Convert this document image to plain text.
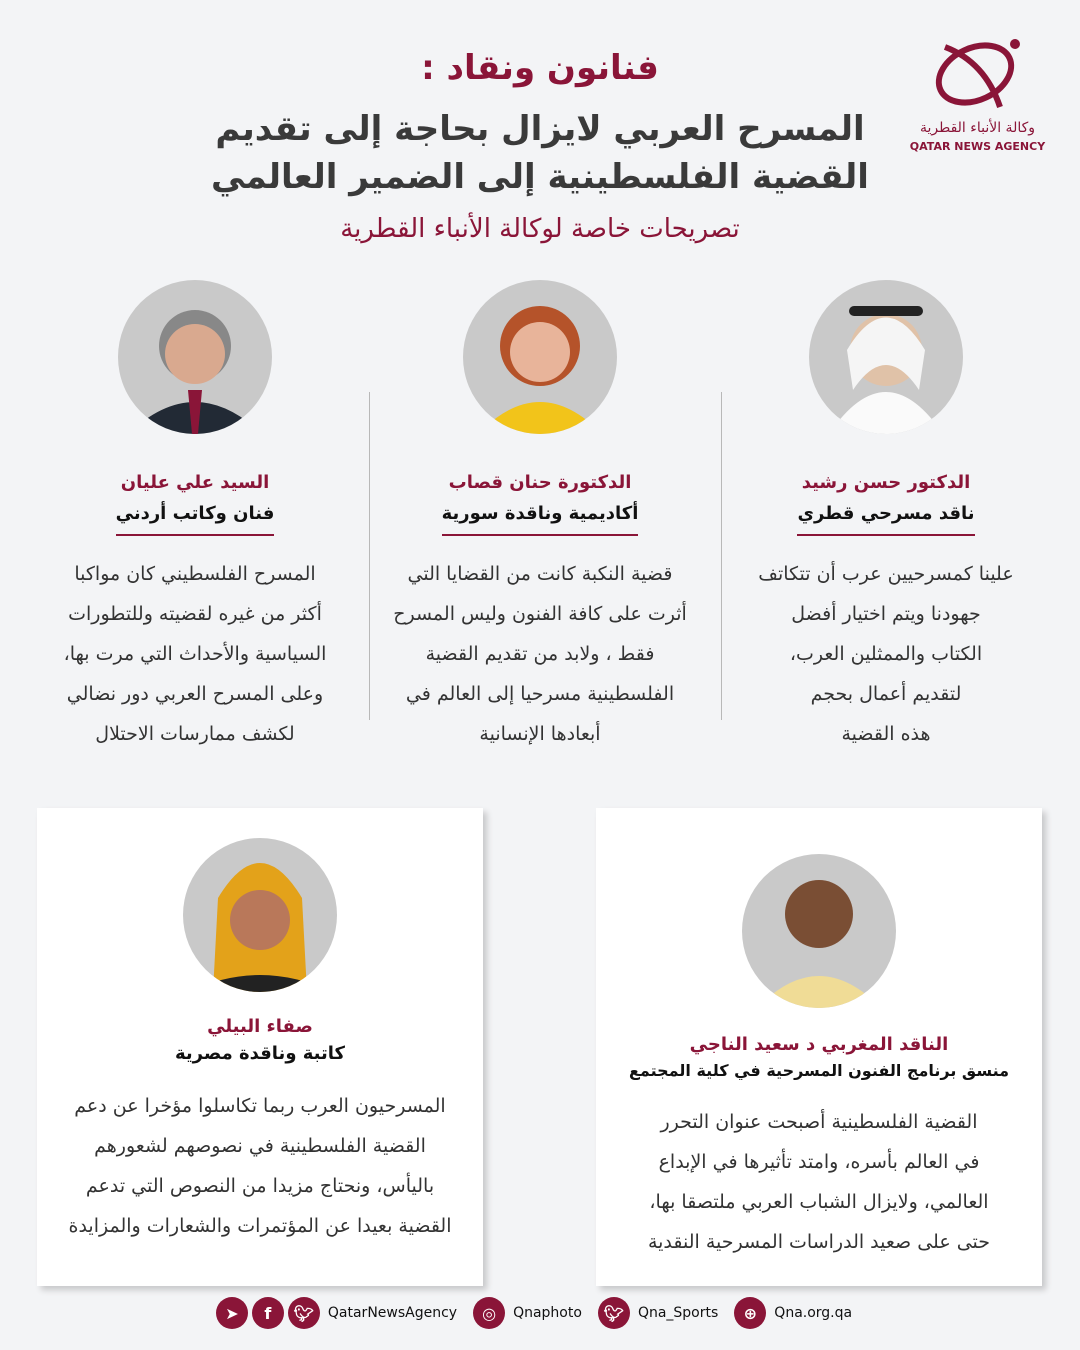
فنانون ونقاد :
المسرح العربي لايزال بحاجة إلى تقديم
القضية الفلسطينية إلى الضمير العالمي
تصريحات خاصة لوكالة الأنباء القطرية
وكالة الأنباء القطرية
QATAR NEWS AGENCY
الدكتور حسن رشيد
ناقد مسرحي قطري
علينا كمسرحيين عرب أن تتكاتف
جهودنا ويتم اختيار أفضل
الكتاب والممثلين العرب،
لتقديم أعمال بحجم
هذه القضية
الدكتورة حنان قصاب
أكاديمية وناقدة سورية
قضية النكبة كانت من القضايا التي
أثرت على كافة الفنون وليس المسرح
فقط ، ولابد من تقديم القضية
الفلسطينية مسرحيا إلى العالم في
أبعادها الإنسانية
السيد علي عليان
فنان وكاتب أردني
المسرح الفلسطيني كان مواكبا
أكثر من غيره لقضيته وللتطورات
السياسية والأحداث التي مرت بها،
وعلى المسرح العربي دور نضالي
لكشف ممارسات الاحتلال
الناقد المغربي د سعيد الناجي
منسق برنامج الفنون المسرحية في كلية المجتمع
القضية الفلسطينية أصبحت عنوان التحرر
في العالم بأسره، وامتد تأثيرها في الإبداع
العالمي، ولايزال الشباب العربي ملتصقا بها،
حتى على صعيد الدراسات المسرحية النقدية
صفاء البيلي
كاتبة وناقدة مصرية
المسرحيون العرب ربما تكاسلوا مؤخرا عن دعم
القضية الفلسطينية في نصوصهم لشعورهم
باليأس، ونحتاج مزيدا من النصوص التي تدعم
القضية بعيدا عن المؤتمرات والشعارات والمزايدة
➤	f	🐦︎ QatarNewsAgency	◎	Qnaphoto	🐦︎ Qna_Sports	⊕	Qna.org.qa
